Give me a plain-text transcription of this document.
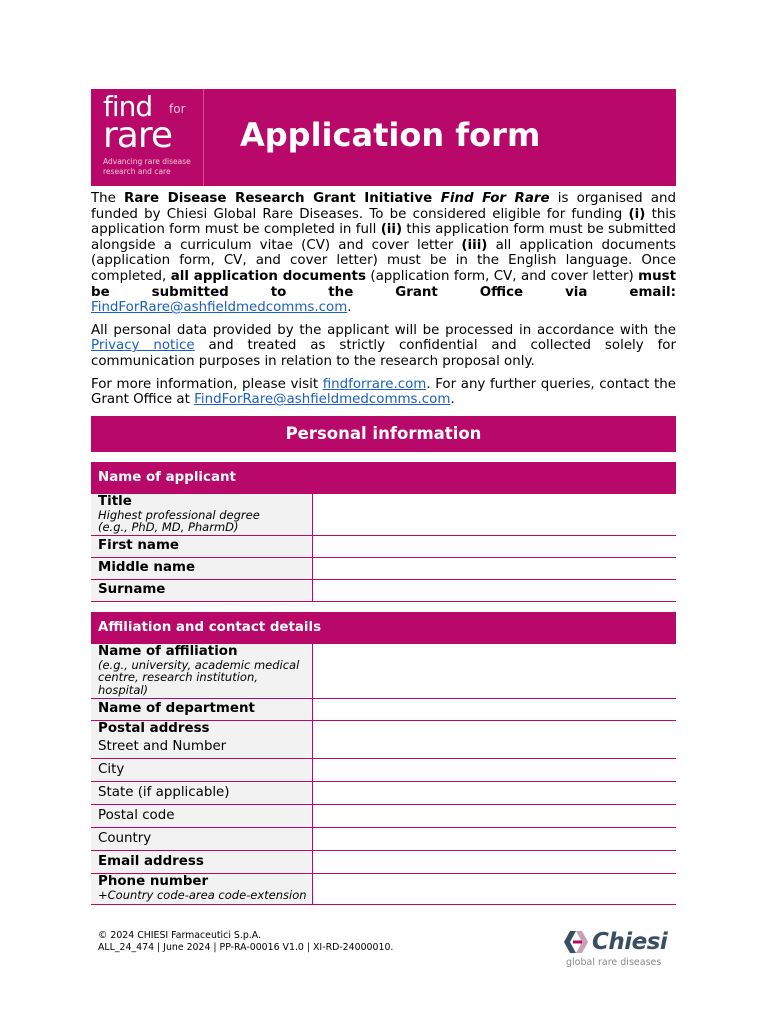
find for
rare
Advancing rare disease research and care
Application form

The Rare Disease Research Grant Initiative Find For Rare is organised and funded by Chiesi Global Rare Diseases. To be considered eligible for funding (i) this application form must be completed in full (ii) this application form must be submitted alongside a curriculum vitae (CV) and cover letter (iii) all application documents (application form, CV, and cover letter) must be in the English language. Once completed, all application documents (application form, CV, and cover letter) must be submitted to the Grant Office via email: FindForRare@ashfieldmedcomms.com.

All personal data provided by the applicant will be processed in accordance with the Privacy notice and treated as strictly confidential and collected solely for communication purposes in relation to the research proposal only.

For more information, please visit findforrare.com. For any further queries, contact the Grant Office at FindForRare@ashfieldmedcomms.com.

Personal information
Name of applicant
Title
Highest professional degree
(e.g., PhD, MD, PharmD)
First name
Middle name
Surname
Affiliation and contact details
Name of affiliation
(e.g., university, academic medical centre, research institution, hospital)
Name of department
Postal address
Street and Number
City
State (if applicable)
Postal code
Country
Email address
Phone number
+Country code-area code-extension
© 2024 CHIESI Farmaceutici S.p.A.
ALL_24_474 | June 2024 | PP-RA-00016 V1.0 | XI-RD-24000010.	Chiesi
global rare diseases
